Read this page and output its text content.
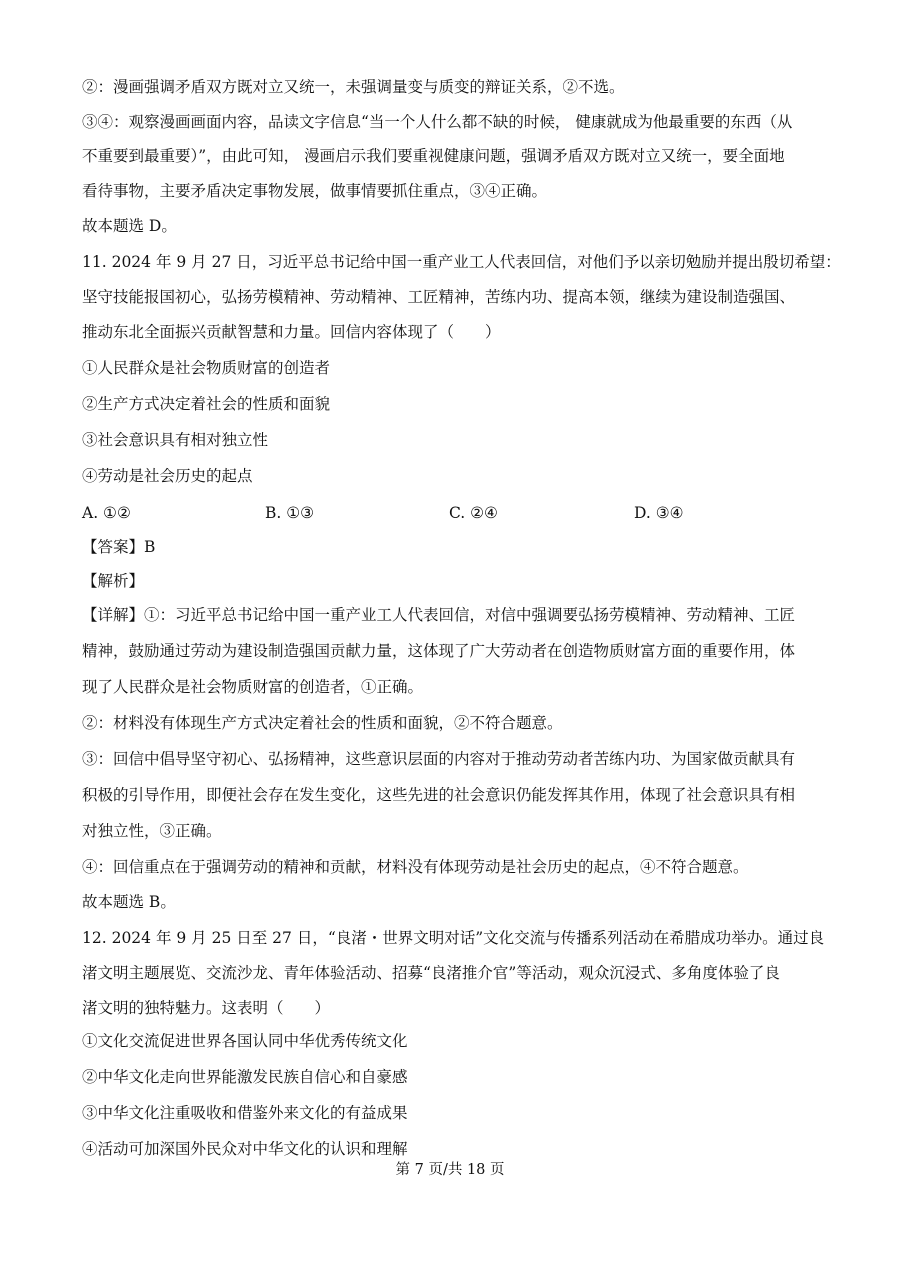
②：漫画强调矛盾双方既对立又统一，未强调量变与质变的辩证关系，②不选。
③④：观察漫画画面内容，品读文字信息“当一个人什么都不缺的时候， 健康就成为他最重要的东西（从
不重要到最重要）”，由此可知， 漫画启示我们要重视健康问题，强调矛盾双方既对立又统一，要全面地
看待事物，主要矛盾决定事物发展，做事情要抓住重点，③④正确。
故本题选 D。
11. 2024 年 9 月 27 日，习近平总书记给中国一重产业工人代表回信，对他们予以亲切勉励并提出殷切希望：
坚守技能报国初心，弘扬劳模精神、劳动精神、工匠精神，苦练内功、提高本领，继续为建设制造强国、
推动东北全面振兴贡献智慧和力量。回信内容体现了（　　）
①人民群众是社会物质财富的创造者
②生产方式决定着社会的性质和面貌
③社会意识具有相对独立性
④劳动是社会历史的起点
A. ①②	B. ①③	C. ②④	D. ③④
【答案】B
【解析】
【详解】①：习近平总书记给中国一重产业工人代表回信，对信中强调要弘扬劳模精神、劳动精神、工匠
精神，鼓励通过劳动为建设制造强国贡献力量，这体现了广大劳动者在创造物质财富方面的重要作用，体
现了人民群众是社会物质财富的创造者，①正确。
②：材料没有体现生产方式决定着社会的性质和面貌，②不符合题意。
③：回信中倡导坚守初心、弘扬精神，这些意识层面的内容对于推动劳动者苦练内功、为国家做贡献具有
积极的引导作用，即便社会存在发生变化，这些先进的社会意识仍能发挥其作用，体现了社会意识具有相
对独立性，③正确。
④：回信重点在于强调劳动的精神和贡献，材料没有体现劳动是社会历史的起点，④不符合题意。
故本题选 B。
12. 2024 年 9 月 25 日至 27 日，“良渚・世界文明对话”文化交流与传播系列活动在希腊成功举办。通过良
渚文明主题展览、交流沙龙、青年体验活动、招募“良渚推介官”等活动，观众沉浸式、多角度体验了良
渚文明的独特魅力。这表明（　　）
①文化交流促进世界各国认同中华优秀传统文化
②中华文化走向世界能激发民族自信心和自豪感
③中华文化注重吸收和借鉴外来文化的有益成果
④活动可加深国外民众对中华文化的认识和理解
第 7 页/共 18 页
